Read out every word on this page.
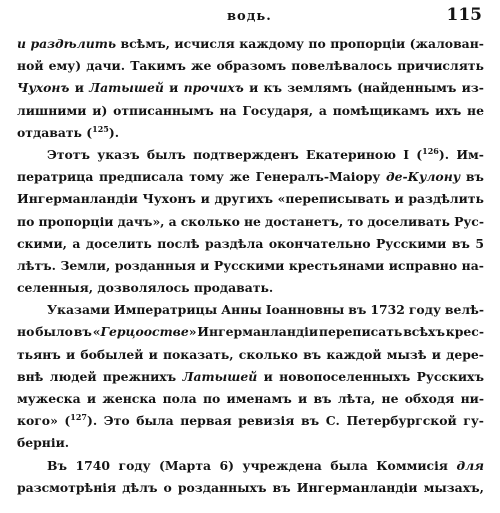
водь.	115
и раздѣлить всѣмъ, исчисля каждому по пропорціи (жалован-
ной ему) дачи. Такимъ же образомъ повелѣвалось причислять
Чухонъ и Латышей и прочихъ и къ землямъ (найденнымъ из-
лишними и) отписаннымъ на Государя, а помѣщикамъ ихъ не
отдавать
($^{125}$).
Этотъ указъ былъ подтвержденъ Екатериною I ($^{126}$). Им-
ператрица предписала тому же Генералъ-Маіору де-Кулону въ
Ингерманландіи Чухонъ и другихъ «переписывать и раздѣлить
по пропорціи дачъ», а сколько не достанетъ, то доселивать Рус-
скими, а доселить послѣ раздѣла окончательно Русскими въ 5
лѣтъ. Земли, розданныя и Русскими крестьянами исправно на-
селенныя,
дозволялось
продавать.
Указами Императрицы Анны Іоанновны въ 1732 году велѣ-
но было въ «Герцоостве» Ингерманландіи переписать всѣхъ крес-
тьянъ и бобылей и показать, сколько въ каждой мызѣ и дере-
внѣ людей прежнихъ Латышей и новопоселенныхъ Русскихъ
мужеска и женска пола по именамъ и въ лѣта, не обходя ни-
кого» ($^{127}$). Это была первая ревизія въ С. Петербургской гу-
берніи.
Въ 1740 году (Марта 6) учреждена была Коммисія для
разсмотрѣнія дѣлъ о розданныхъ въ Ингерманландіи мызахъ,
